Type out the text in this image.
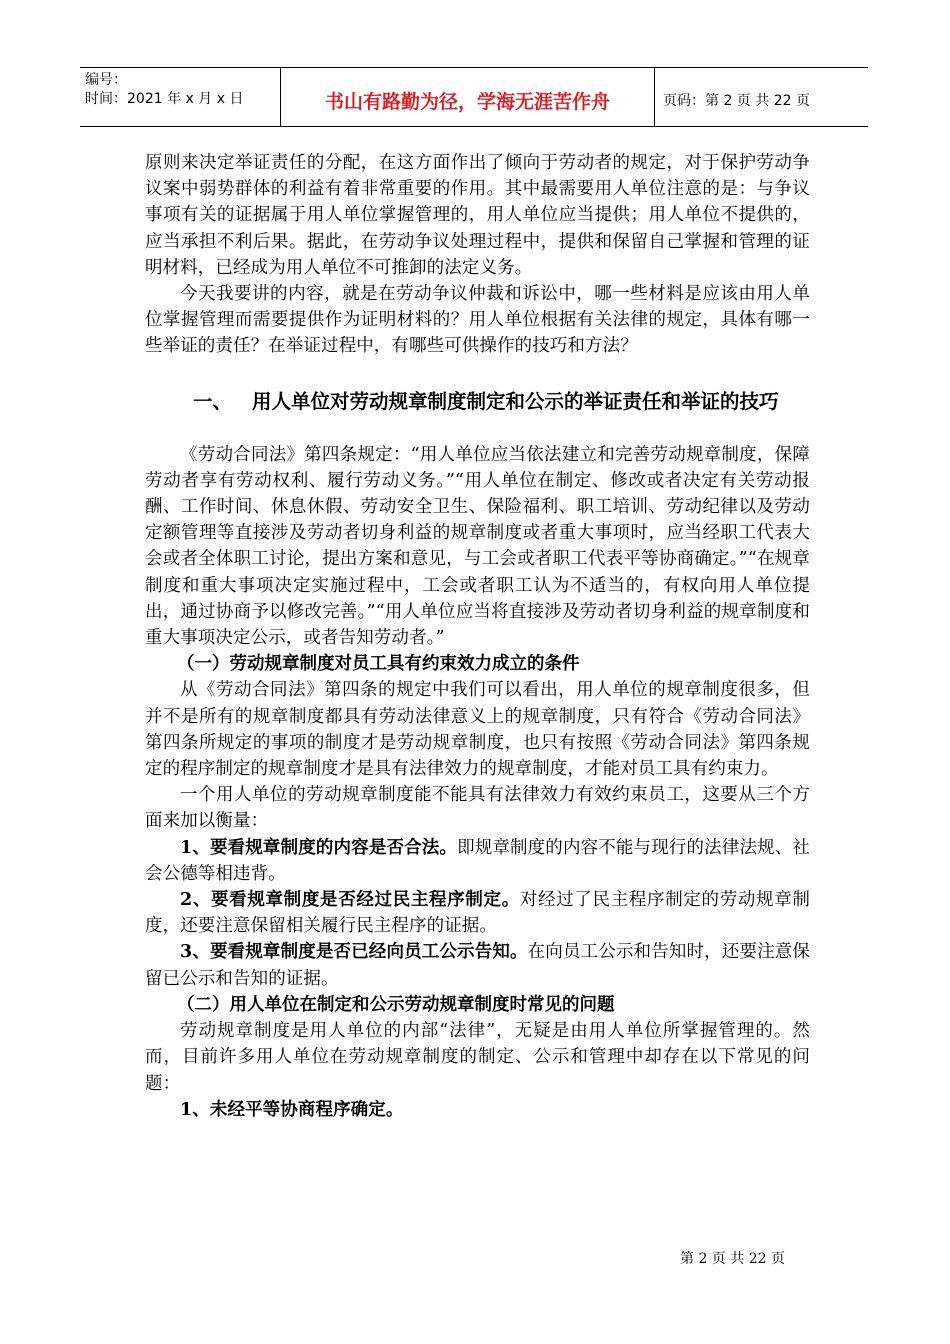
编号：
时间：2021 年 x 月 x 日	书山有路勤为径，学海无涯苦作舟	页码：第 2 页 共 22 页

原则来决定举证责任的分配，在这方面作出了倾向于劳动者的规定，对于保护劳动争议案中弱势群体的利益有着非常重要的作用。其中最需要用人单位注意的是：与争议事项有关的证据属于用人单位掌握管理的，用人单位应当提供；用人单位不提供的，应当承担不利后果。据此，在劳动争议处理过程中，提供和保留自己掌握和管理的证明材料，已经成为用人单位不可推卸的法定义务。

今天我要讲的内容，就是在劳动争议仲裁和诉讼中，哪一些材料是应该由用人单位掌握管理而需要提供作为证明材料的？用人单位根据有关法律的规定，具体有哪一些举证的责任？在举证过程中，有哪些可供操作的技巧和方法？

一、 用人单位对劳动规章制度制定和公示的举证责任和举证的技巧

《劳动合同法》第四条规定：“用人单位应当依法建立和完善劳动规章制度，保障劳动者享有劳动权利、履行劳动义务。”“用人单位在制定、修改或者决定有关劳动报酬、工作时间、休息休假、劳动安全卫生、保险福利、职工培训、劳动纪律以及劳动定额管理等直接涉及劳动者切身利益的规章制度或者重大事项时，应当经职工代表大会或者全体职工讨论，提出方案和意见，与工会或者职工代表平等协商确定。”“在规章制度和重大事项决定实施过程中，工会或者职工认为不适当的，有权向用人单位提出，通过协商予以修改完善。”“用人单位应当将直接涉及劳动者切身利益的规章制度和重大事项决定公示，或者告知劳动者。”

（一）劳动规章制度对员工具有约束效力成立的条件

从《劳动合同法》第四条的规定中我们可以看出，用人单位的规章制度很多，但并不是所有的规章制度都具有劳动法律意义上的规章制度，只有符合《劳动合同法》第四条所规定的事项的制度才是劳动规章制度，也只有按照《劳动合同法》第四条规定的程序制定的规章制度才是具有法律效力的规章制度，才能对员工具有约束力。

一个用人单位的劳动规章制度能不能具有法律效力有效约束员工，这要从三个方面来加以衡量：

1、要看规章制度的内容是否合法。即规章制度的内容不能与现行的法律法规、社会公德等相违背。

2、要看规章制度是否经过民主程序制定。对经过了民主程序制定的劳动规章制度，还要注意保留相关履行民主程序的证据。

3、要看规章制度是否已经向员工公示告知。在向员工公示和告知时，还要注意保留已公示和告知的证据。

（二）用人单位在制定和公示劳动规章制度时常见的问题

劳动规章制度是用人单位的内部“法律”，无疑是由用人单位所掌握管理的。然而，目前许多用人单位在劳动规章制度的制定、公示和管理中却存在以下常见的问题：

1、未经平等协商程序确定。

第 2 页 共 22 页
